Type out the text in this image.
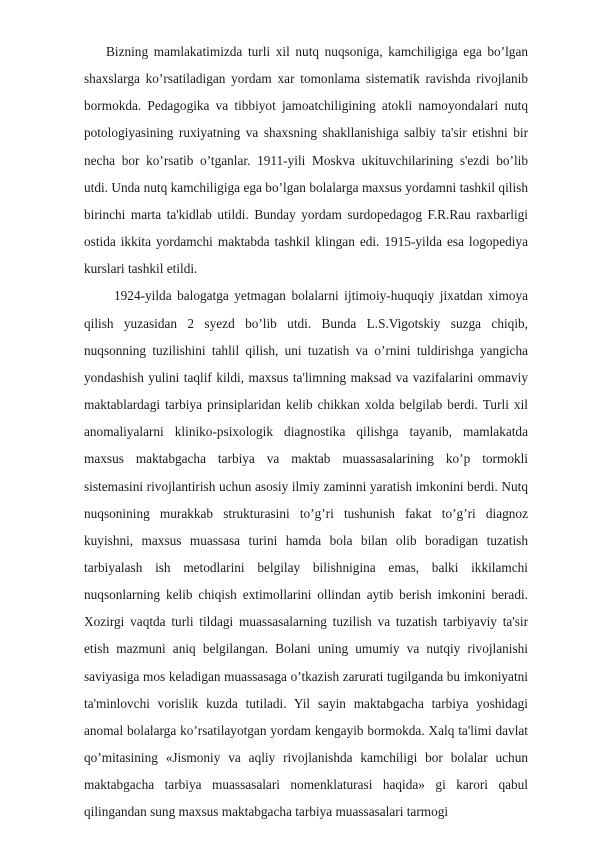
Bizning mamlakatimizda turli xil nutq nuqsoniga, kamchiligiga ega bo’lgan shaxslarga ko’rsatiladigan yordam xar tomonlama sistematik ravishda rivojlanib bormokda. Pedagogika va tibbiyot jamoatchiligining atokli namoyondalari nutq potologiyasining ruxiyatning va shaxsning shakllanishiga salbiy ta'sir etishni bir necha bor ko’rsatib o’tganlar. 1911-yili Moskva ukituvchilarining s'ezdi bo’lib utdi. Unda nutq kamchiligiga ega bo’lgan bolalarga maxsus yordamni tashkil qilish birinchi marta ta'kidlab utildi. Bunday yordam surdopedagog F.R.Rau raxbarligi ostida ikkita yordamchi maktabda tashkil klingan edi. 1915-yilda esa logopediya kurslari tashkil etildi.

1924-yilda balogatga yetmagan bolalarni ijtimoiy-huquqiy jixatdan ximoya qilish yuzasidan 2 syezd bo’lib utdi. Bunda L.S.Vigotskiy suzga chiqib, nuqsonning tuzilishini tahlil qilish, uni tuzatish va o’rnini tuldirishga yangicha yondashish yulini taqlif kildi, maxsus ta'limning maksad va vazifalarini ommaviy maktablardagi tarbiya prinsiplaridan kelib chikkan xolda belgilab berdi. Turli xil anomaliyalarni kliniko-psixologik diagnostika qilishga tayanib, mamlakatda maxsus maktabgacha tarbiya va maktab muassasalarining ko’p tormokli sistemasini rivojlantirish uchun asosiy ilmiy zaminni yaratish imkonini berdi. Nutq nuqsonining murakkab strukturasini to’g’ri tushunish fakat to’g’ri diagnoz kuyishni, maxsus muassasa turini hamda bola bilan olib boradigan tuzatish tarbiyalash ish metodlarini belgilay bilishnigina emas, balki ikkilamchi nuqsonlarning kelib chiqish extimollarini ollindan aytib berish imkonini beradi. Xozirgi vaqtda turli tildagi muassasalarning tuzilish va tuzatish tarbiyaviy ta'sir etish mazmuni aniq belgilangan. Bolani uning umumiy va nutqiy rivojlanishi saviyasiga mos keladigan muassasaga o’tkazish zarurati tugilganda bu imkoniyatni ta'minlovchi vorislik kuzda tutiladi. Yil sayin maktabgacha tarbiya yoshidagi anomal bolalarga ko’rsatilayotgan yordam kengayib bormokda. Xalq ta'limi davlat qo’mitasining «Jismoniy va aqliy rivojlanishda kamchiligi bor bolalar uchun maktabgacha tarbiya muassasalari nomenklaturasi haqida» gi karori qabul qilingandan sung maxsus maktabgacha tarbiya muassasalari tarmogi
